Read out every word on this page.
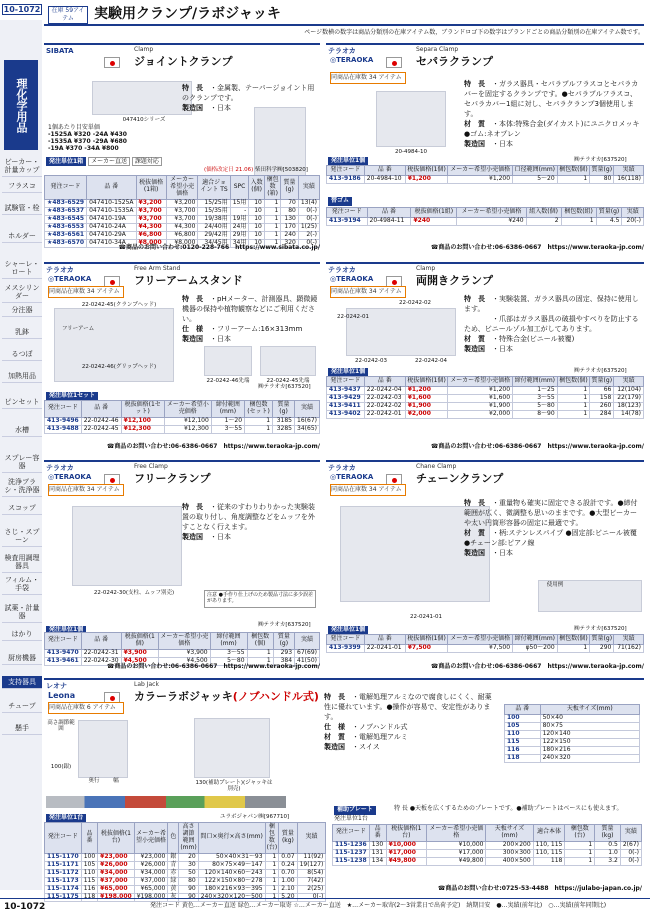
10-1072	在庫 59アイテム	実験用クランプ/ラボジャッキ
ページ数横の数字は商品分類別の在庫アイテム数，ブランドロゴ下の数字はブランドごとの商品分類別の在庫アイテム数です。
理化学用品
ビーカー・計量カップ
フラスコ
試験管・栓
ホルダー
シャーレ・ロート
メスシリンダー
分注器
乳鉢
るつぼ
加熱用品
ピンセット
水槽
スプレー容器
洗浄ブラシ・洗浄器
スコップ
さじ・スプーン
検査用調理器具
フィルム・手袋
試薬・計量器
はかり
厨房機器
支持器具
チューブ
懸手
SIBATA	Clamp
ジョイントクランプ
047410シリーズ
特　長 ・金属製、テーパージョイント用のクランプです。
製造国 ・日本
1個あたり目安単価
-1525A ¥320 -24A ¥430
-1535A ¥370 -29A ¥680
-19A ¥370 -34A ¥800
発注単位1箱 メーカー直送 課題対応
(価格改定日 21.06) 柴田科学㈱[503820]
発注コード	品 番	税抜価格(1箱)	メーカー希望小売価格	適合ジョイント TS	SPC	入数(個)	梱包数(箱)	質量(g)	実績
★483-6529	047410-1525A	¥3,200	¥3,200	15/25用	15用	10	1	70	13(4)
★483-6537	047410-1535A	¥3,700	¥3,700	15/35用	-	10	1	80	0(-)
★483-6545	047410-19A	¥3,700	¥3,700	19/38用	19用	10	1	130	0(-)
★483-6553	047410-24A	¥4,300	¥4,300	24/40用	24用	10	1	170	1(25)
★483-6561	047410-29A	¥6,800	¥6,800	29/42用	29用	10	1	240	2(-)
★483-6570	047410-34A	¥8,000	¥8,000	34/45用	34用	10	1	320	0(-)
☎商品のお問い合わせ:0120-228-766　https://www.sibata.co.jp/
テラオカ	Separa Clamp
◎TERAOKA	セパラクランプ
同商品在庫数 34 アイテム
20-4984-10
特　長 ・ガラス器具・セパラブルフラスコとセパラカバーを固定するクランプです。●セパラブルフラスコ、セパラカバー1組に対し、セパラクランプ3個使用します。
材　質 ・本体:特殊合金(ダイカスト)にユニクロメッキ ●ゴム:ネオプレン
製造国 ・日本
発注単位1個	㈱テラオカ[637520]
発注コード	品 番	税抜価格(1個)	メーカー希望小売価格	口径範囲(mm)	梱包数(個)	質量(g)	実績
413-9186	20-4984-10	¥1,200	¥1,200	5〜20	1	80	16(118)
替ゴム
発注コード	品 番	税抜価格(1組)	メーカー希望小売価格	組入数(個)	梱包数(組)	質量(g)	実績
413-9194	20-4984-11	¥240	¥240	2	1	4.5	20(-)
☎商品のお問い合わせ:06-6386-0667　https://www.teraoka-jp.com/
テラオカ	Free Arm Stand
◎TERAOKA	フリーアームスタンド
同商品在庫数 34 アイテム
22-0242-45(クランプヘッド)
フリーアーム
22-0242-46(グリップヘッド)
22-0242-46先端	22-0242-45先端
特　長 ・pHメーター、計測器具、顕微鏡機器の保持や植物観察などにご利用ください。
仕　様 ・フリーアーム:16×313mm
製造国 ・日本
発注単位1セット
㈱テラオカ[637520]
発注コード	品 番	税抜価格(1セット)	メーカー希望小売価格	締付範囲(mm)	梱包数(セット)	質量(g)	実績
413-9496	22-0242-46	¥12,100	¥12,100	1〜20	1	3185	16(67)
413-9488	22-0242-45	¥12,300	¥12,300	3〜55	1	3285	34(65)
☎商品のお問い合わせ:06-6386-0667　https://www.teraoka-jp.com/
テラオカ	Clamp
◎TERAOKA	両開きクランプ
同商品在庫数 34 アイテム
22-0242-02
22-0242-01
22-0242-03	22-0242-04
特　長 ・実験装置、ガラス器具の固定、保持に使用します。
・爪部はガラス器具の破損やすべりを防止するため、ビニールゾル加工がしてあります。
材　質 ・特殊合金(ビニール被覆)
製造国 ・日本
発注単位1個	㈱テラオカ[637520]
発注コード	品 番	税抜価格(1個)	メーカー希望小売価格	締付範囲(mm)	梱包数(個)	質量(g)	実績
413-9437	22-0242-04	¥1,200	¥1,200	1〜25	1	66	12(104)
413-9429	22-0242-03	¥1,600	¥1,600	3〜55	1	158	22(179)
413-9411	22-0242-02	¥1,900	¥1,900	5〜80	1	260	18(123)
413-9402	22-0242-01	¥2,000	¥2,000	8〜90	1	284	14(78)
☎商品のお問い合わせ:06-6386-0667　https://www.teraoka-jp.com/
テラオカ	Free Clamp
◎TERAOKA	フリークランプ
同商品在庫数 34 アイテム
22-0242-30(支柱、ムッフ別売)
特　長 ・従来のすわりわりかった実験装置の取り付し、角度調整などをムッフを外すことなく行えます。
製造国 ・日本
注意 ●手作り仕上げのため製品寸法に多少誤差があります。
発注単位1個
㈱テラオカ[637520]
発注コード	品 番	税抜価格(1個)	メーカー希望小売価格	締付範囲(mm)	梱包数(個)	質量(g)	実績
413-9470	22-0242-31	¥3,900	¥3,900	3〜55	1	293	67(69)
413-9461	22-0242-30	¥4,500	¥4,500	5〜80	1	384	41(50)
☎商品のお問い合わせ:06-6386-0667　https://www.teraoka-jp.com/
テラオカ	Chane Clamp
◎TERAOKA	チェーンクランプ
同商品在庫数 34 アイテム
22-0241-01
使用例
特　長 ・重量物も確実に固定できる設計です。●締付範囲が広く、微調整も思いのままです。●大型ビーカーや太い円筒形容器の固定に最適です。
材　質 ・柄:ステンレスパイプ ●固定部:ビニール被覆 ●チェーン部:ピアノ線
製造国 ・日本
発注単位1個	㈱テラオカ[637520]
発注コード	品 番	税抜価格(1個)	メーカー希望小売価格	締付範囲(mm)	梱包数(個)	質量(g)	実績
413-9399	22-0241-01	¥7,500	¥7,500	φ50〜200	1	290	71(162)
☎商品のお問い合わせ:06-6386-0667　https://www.teraoka-jp.com/
レオナ	Lab Jack
Leona	カラーラボジャッキ(ノブハンドル式)
同商品在庫数 6 アイテム
高さ調節範囲
奥行	幅
100(銀)
130(補助プレート)(ジャッキは別売)
特　長 ・電解処理アルミなので腐食しにくく、耐薬性に優れています。●操作が容易で、安定性があります。
仕　様 ・ノブハンドル式
材　質 ・電解処理アルミ
製造国 ・スイス
品 番	天板サイズ(mm)
100	50×40
105	80×75
110	120×140
115	122×150
116	180×216
118	240×320
発注単位1台	ユラボジャパン㈱[967710]
発注コード	品 番	税抜価格(1台)	メーカー希望小売価格	色	高さ調節範囲(mm)	間口×奥行×高さ(mm)	梱包数(台)	質量(kg)	実績
115-1170	100	¥23,000	¥23,000	銀	20	50×40×31〜93	1	0.07	11(92)
115-1171	105	¥26,000	¥26,000	青	30	80×75×49〜147	1	0.24	19(127)
115-1172	110	¥34,000	¥34,000	赤	50	120×140×60〜243	1	0.70	8(54)
115-1173	115	¥37,000	¥37,000	緑	80	122×150×80〜278	1	1.00	7(42)
115-1174	116	¥65,000	¥65,000	黄	90	180×216×93〜395	1	2.10	2(25)
115-1175	118	¥198,000	¥198,000	灰	90	240×320×120〜500	1	5.20	0(-)
補助プレート	特 長 ●天板を広くするためのプレートです。●補助プレートはベースにも使えます。
発注単位1台
発注コード	品 番	税抜価格(1台)	メーカー希望小売価格	天板サイズ(mm)	適合本体	梱包数(台)	質量(kg)	実績
115-1236	130	¥10,000	¥10,000	200×200	110, 115	1	0.5	2(67)
115-1237	131	¥17,000	¥17,000	300×300	110, 115	1	1.0	0(-)
115-1238	134	¥49,800	¥49,800	400×500	118	1	3.2	0(-)
☎商品のお問い合わせ:0725-53-4488　https://julabo-japan.co.jp/
10-1072	発注コード 黄色…メーカー直送 緑色…メーカー取寄 ☆…メーカー直送　★…メーカー取寄(2〜3営業日で出荷予定)　納期目安　●…実績(前年比)　○…実績(前年同期比)
